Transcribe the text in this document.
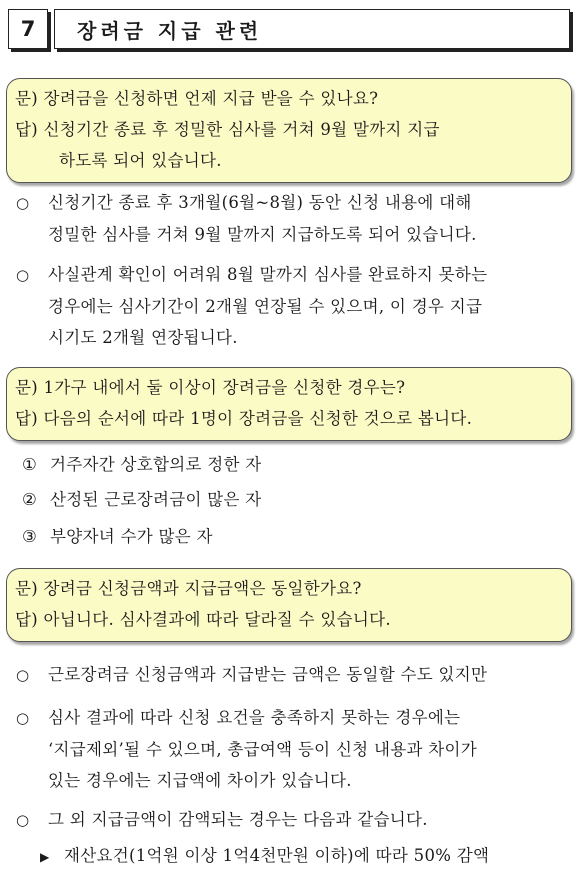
7	장려금 지급 관련
문) 장려금을 신청하면 언제 지급 받을 수 있나요?
답) 신청기간 종료 후 정밀한 심사를 거쳐 9월 말까지 지급
하도록 되어 있습니다.
○ 신청기간 종료 후 3개월(6월~8월) 동안 신청 내용에 대해
정밀한 심사를 거쳐 9월 말까지 지급하도록 되어 있습니다.
○ 사실관계 확인이 어려워 8월 말까지 심사를 완료하지 못하는
경우에는 심사기간이 2개월 연장될 수 있으며, 이 경우 지급
시기도 2개월 연장됩니다.
문) 1가구 내에서 둘 이상이 장려금을 신청한 경우는?
답) 다음의 순서에 따라 1명이 장려금을 신청한 것으로 봅니다.
① 거주자간 상호합의로 정한 자
② 산정된 근로장려금이 많은 자
③ 부양자녀 수가 많은 자
문) 장려금 신청금액과 지급금액은 동일한가요?
답) 아닙니다. 심사결과에 따라 달라질 수 있습니다.
○ 근로장려금 신청금액과 지급받는 금액은 동일할 수도 있지만
○ 심사 결과에 따라 신청 요건을 충족하지 못하는 경우에는
‘지급제외’될 수 있으며, 총급여액 등이 신청 내용과 차이가
있는 경우에는 지급액에 차이가 있습니다.
○ 그 외 지급금액이 감액되는 경우는 다음과 같습니다.
▶ 재산요건(1억원 이상 1억4천만원 이하)에 따라 50% 감액
